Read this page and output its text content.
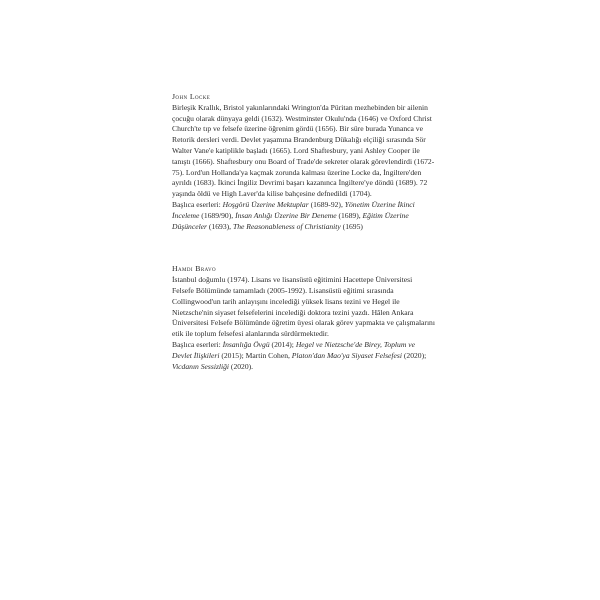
John Locke
Birleşik Krallık, Bristol yakınlarındaki Wrington'da Püritan mezhebinden bir ailenin çocuğu olarak dünyaya geldi (1632). Westminster Okulu'nda (1646) ve Oxford Christ Church'te tıp ve felsefe üzerine öğrenim gördü (1656). Bir süre burada Yunanca ve Retorik dersleri verdi. Devlet yaşamına Brandenburg Dükalığı elçiliği sırasında Sör Walter Vane'e katiplikle başladı (1665). Lord Shaftesbury, yani Ashley Cooper ile tanıştı (1666). Shaftesbury onu Board of Trade'de sekreter olarak görevlendirdi (1672-75). Lord'un Hollanda'ya kaçmak zorunda kalması üzerine Locke da, İngiltere'den ayrıldı (1683). İkinci İngiliz Devrimi başarı kazanınca İngiltere'ye döndü (1689). 72 yaşında öldü ve High Laver'da kilise bahçesine defnedildi (1704).
Başlıca eserleri: Hoşgörü Üzerine Mektuplar (1689-92), Yönetim Üzerine İkinci İnceleme (1689/90), İnsan Anlığı Üzerine Bir Deneme (1689), Eğitim Üzerine Düşünceler (1693), The Reasonableness of Christianity (1695)
Hamdi Bravo
İstanbul doğumlu (1974). Lisans ve lisansüstü eğitimini Hacettepe Üniversitesi Felsefe Bölümünde tamamladı (2005-1992). Lisansüstü eğitimi sırasında Collingwood'un tarih anlayışını incelediği yüksek lisans tezini ve Hegel ile Nietzsche'nin siyaset felsefelerini incelediği doktora tezini yazdı. Hâlen Ankara Üniversitesi Felsefe Bölümünde öğretim üyesi olarak görev yapmakta ve çalışmalarını etik ile toplum felsefesi alanlarında sürdürmektedir.
Başlıca eserleri: İnsanlığa Övgü (2014); Hegel ve Nietzsche'de Birey, Toplum ve Devlet İlişkileri (2015); Martin Cohen, Platon'dan Mao'ya Siyaset Felsefesi (2020); Vicdanın Sessizliği (2020).
